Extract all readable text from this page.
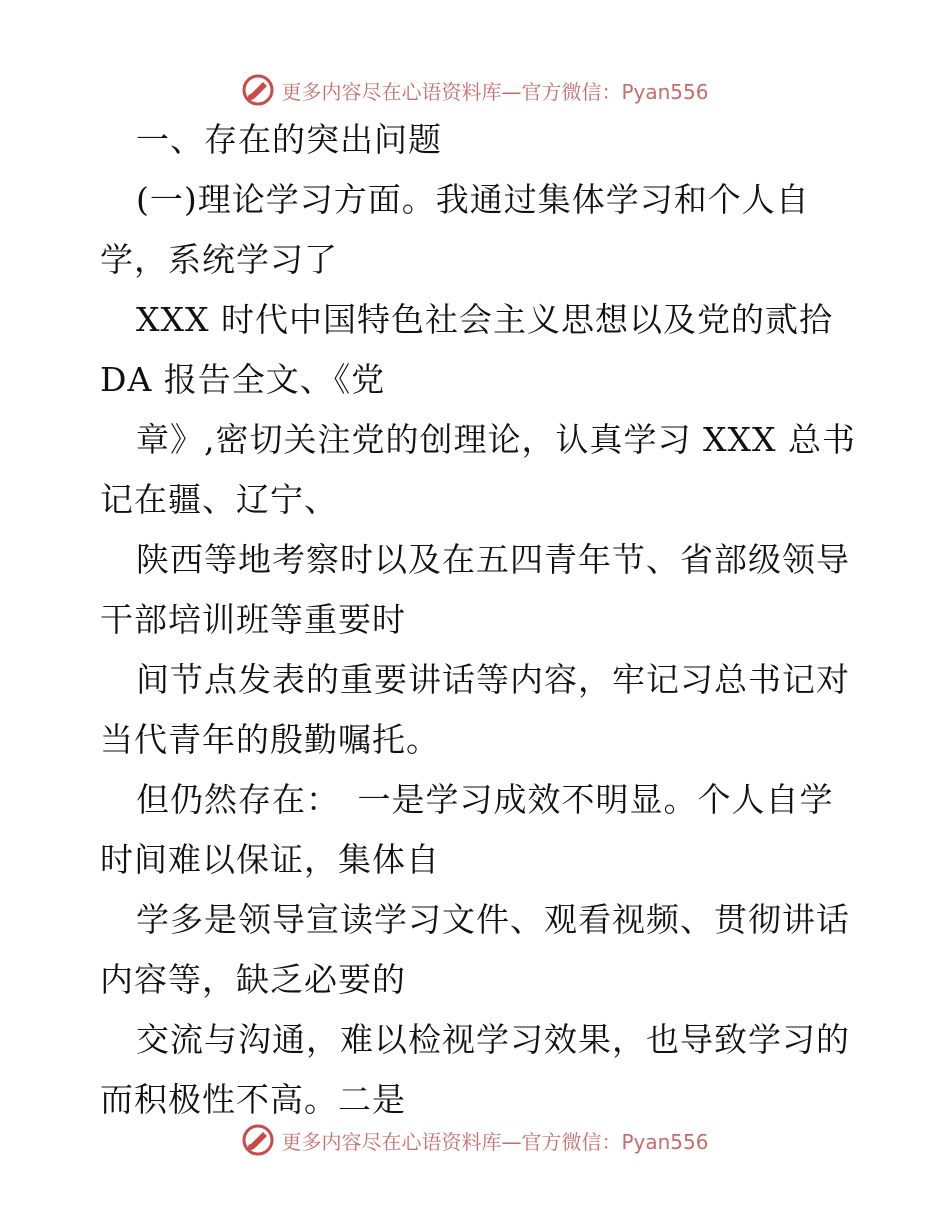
更多内容尽在心语资料库—官方微信：Pyan556
一、存在的突出问题
(一)理论学习方面。我通过集体学习和个人自
学，系统学习了
XXX 时代中国特色社会主义思想以及党的贰拾
DA 报告全文、《党
章》,密切关注党的创理论，认真学习 XXX 总书
记在疆、辽宁、
陕西等地考察时以及在五四青年节、省部级领导
干部培训班等重要时
间节点发表的重要讲话等内容，牢记习总书记对
当代青年的殷勤嘱托。
但仍然存在：　一是学习成效不明显。个人自学
时间难以保证，集体自
学多是领导宣读学习文件、观看视频、贯彻讲话
内容等，缺乏必要的
交流与沟通，难以检视学习效果，也导致学习的
而积极性不高。二是
更多内容尽在心语资料库—官方微信：Pyan556
